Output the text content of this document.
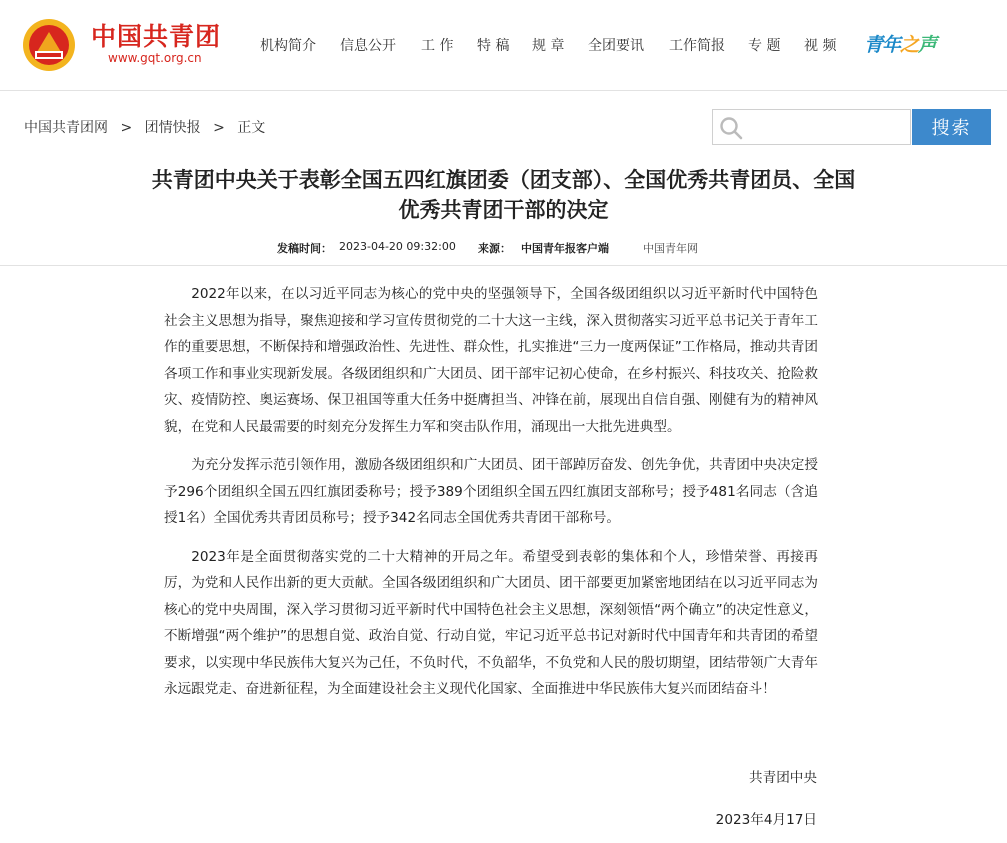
中国共青团
www.gqt.org.cn
机构简介 信息公开 工 作 特 稿 规 章 全团要讯 工作简报 专 题 视 频 青年之声
中国共青团网 > 团情快报 > 正文	搜索
共青团中央关于表彰全国五四红旗团委（团支部）、全国优秀共青团员、全国优秀共青团干部的决定
发稿时间： 2023-04-20 09:32:00 来源： 中国青年报客户端	中国青年网

2022年以来，在以习近平同志为核心的党中央的坚强领导下，全国各级团组织以习近平新时代中国特色社会主义思想为指导，聚焦迎接和学习宣传贯彻党的二十大这一主线，深入贯彻落实习近平总书记关于青年工作的重要思想，不断保持和增强政治性、先进性、群众性，扎实推进“三力一度两保证”工作格局，推动共青团各项工作和事业实现新发展。各级团组织和广大团员、团干部牢记初心使命，在乡村振兴、科技攻关、抢险救灾、疫情防控、奥运赛场、保卫祖国等重大任务中挺膺担当、冲锋在前，展现出自信自强、刚健有为的精神风貌，在党和人民最需要的时刻充分发挥生力军和突击队作用，涌现出一大批先进典型。

为充分发挥示范引领作用，激励各级团组织和广大团员、团干部踔厉奋发、创先争优，共青团中央决定授予296个团组织全国五四红旗团委称号；授予389个团组织全国五四红旗团支部称号；授予481名同志（含追授1名）全国优秀共青团员称号；授予342名同志全国优秀共青团干部称号。

2023年是全面贯彻落实党的二十大精神的开局之年。希望受到表彰的集体和个人，珍惜荣誉、再接再厉，为党和人民作出新的更大贡献。全国各级团组织和广大团员、团干部要更加紧密地团结在以习近平同志为核心的党中央周围，深入学习贯彻习近平新时代中国特色社会主义思想，深刻领悟“两个确立”的决定性意义，不断增强“两个维护”的思想自觉、政治自觉、行动自觉，牢记习近平总书记对新时代中国青年和共青团的希望要求，以实现中华民族伟大复兴为己任，不负时代，不负韶华，不负党和人民的殷切期望，团结带领广大青年永远跟党走、奋进新征程，为全面建设社会主义现代化国家、全面推进中华民族伟大复兴而团结奋斗！

共青团中央
2023年4月17日
